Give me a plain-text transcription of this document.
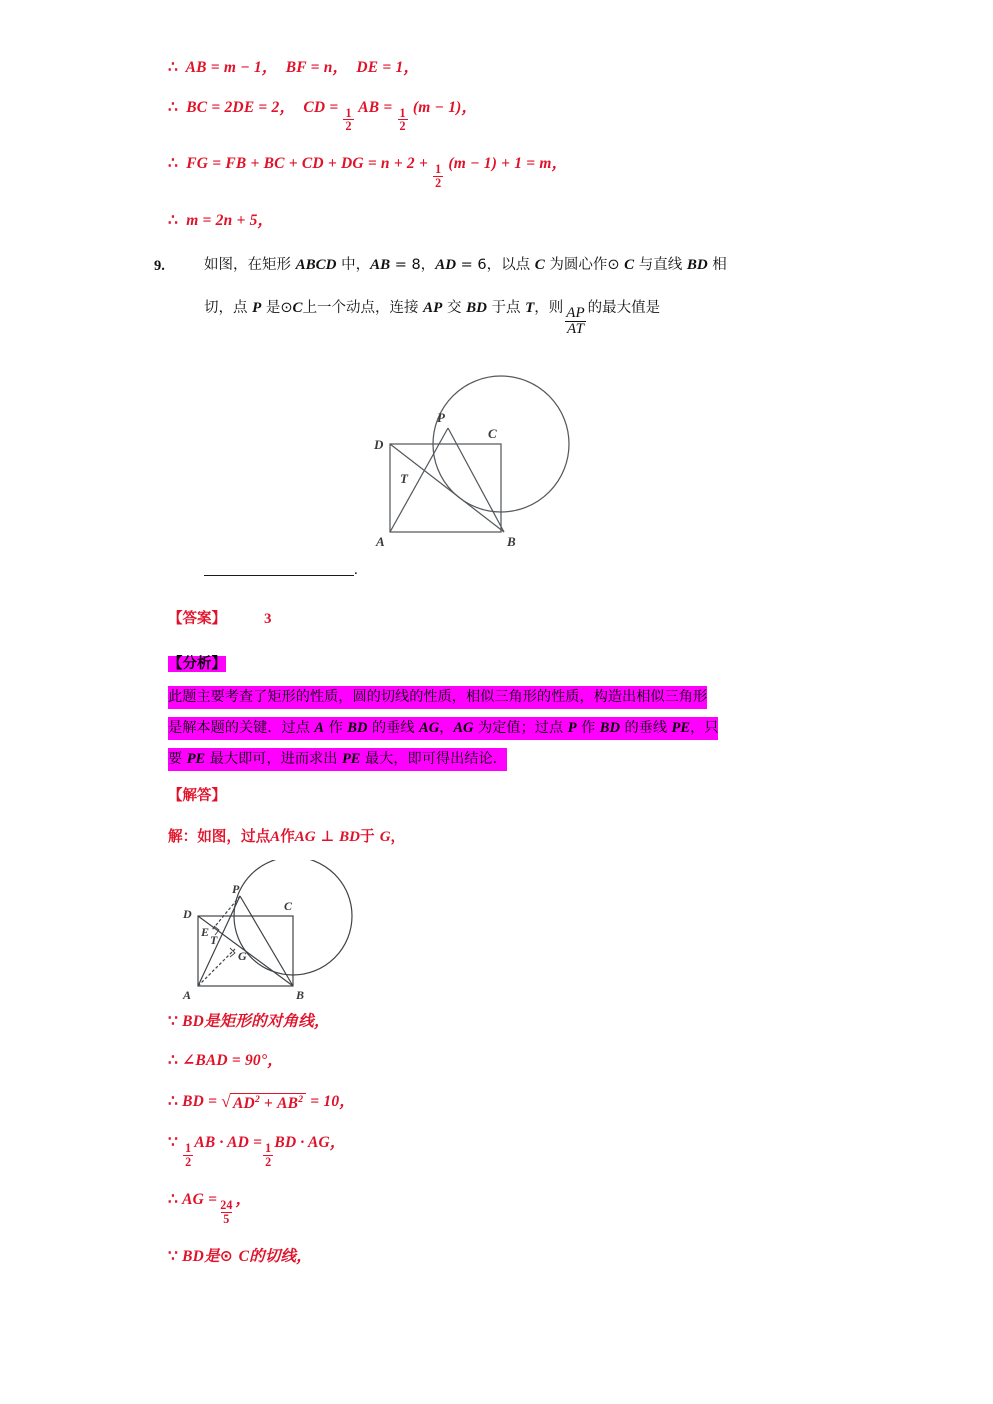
∴ AB = m − 1， BF = n， DE = 1，
∴ BC = 2DE = 2， CD = $\frac{1}{2}$ AB = $\frac{1}{2} (m - 1)$，
∴ FG = FB + BC + CD + DG = $n + 2 + \frac{1}{2} (m - 1) + 1 = m$，
∴ m = 2n + 5，
9.	如图，在矩形 ABCD 中，AB = 8，AD = 6，以点 C 为圆心作⊙ C 与直线 BD 相
切，点 P 是⊙C上一个动点，连接 AP 交 BD 于点 T，则 $\frac{AP}{AT}$ 的最大值是
D
C
A	B
P
T
.
【答案】	3
【分析】
此题主要考查了矩形的性质，圆的切线的性质，相似三角形的性质，构造出相似三角形
是解本题的关键．过点 A 作 BD 的垂线 AG，AG 为定值；过点 P 作 BD 的垂线 PE，只
要 PE 最大即可，进而求出 PE 最大，即可得出结论．
【解答】
解：如图，过点A作AG ⊥ BD于 G，
D
C
A	B
P
E
T
G
∵ BD是矩形的对角线，
∴ ∠BAD = 90°，
∴ BD = √ $AD^2 + AB^2 = 10$，
∵ $\frac{1}{2}$ AB · AD = $\frac{1}{2}$ BD · AG，
∴ AG = $\frac{24}{5}$ ，
∵ BD是⊙ C的切线，
